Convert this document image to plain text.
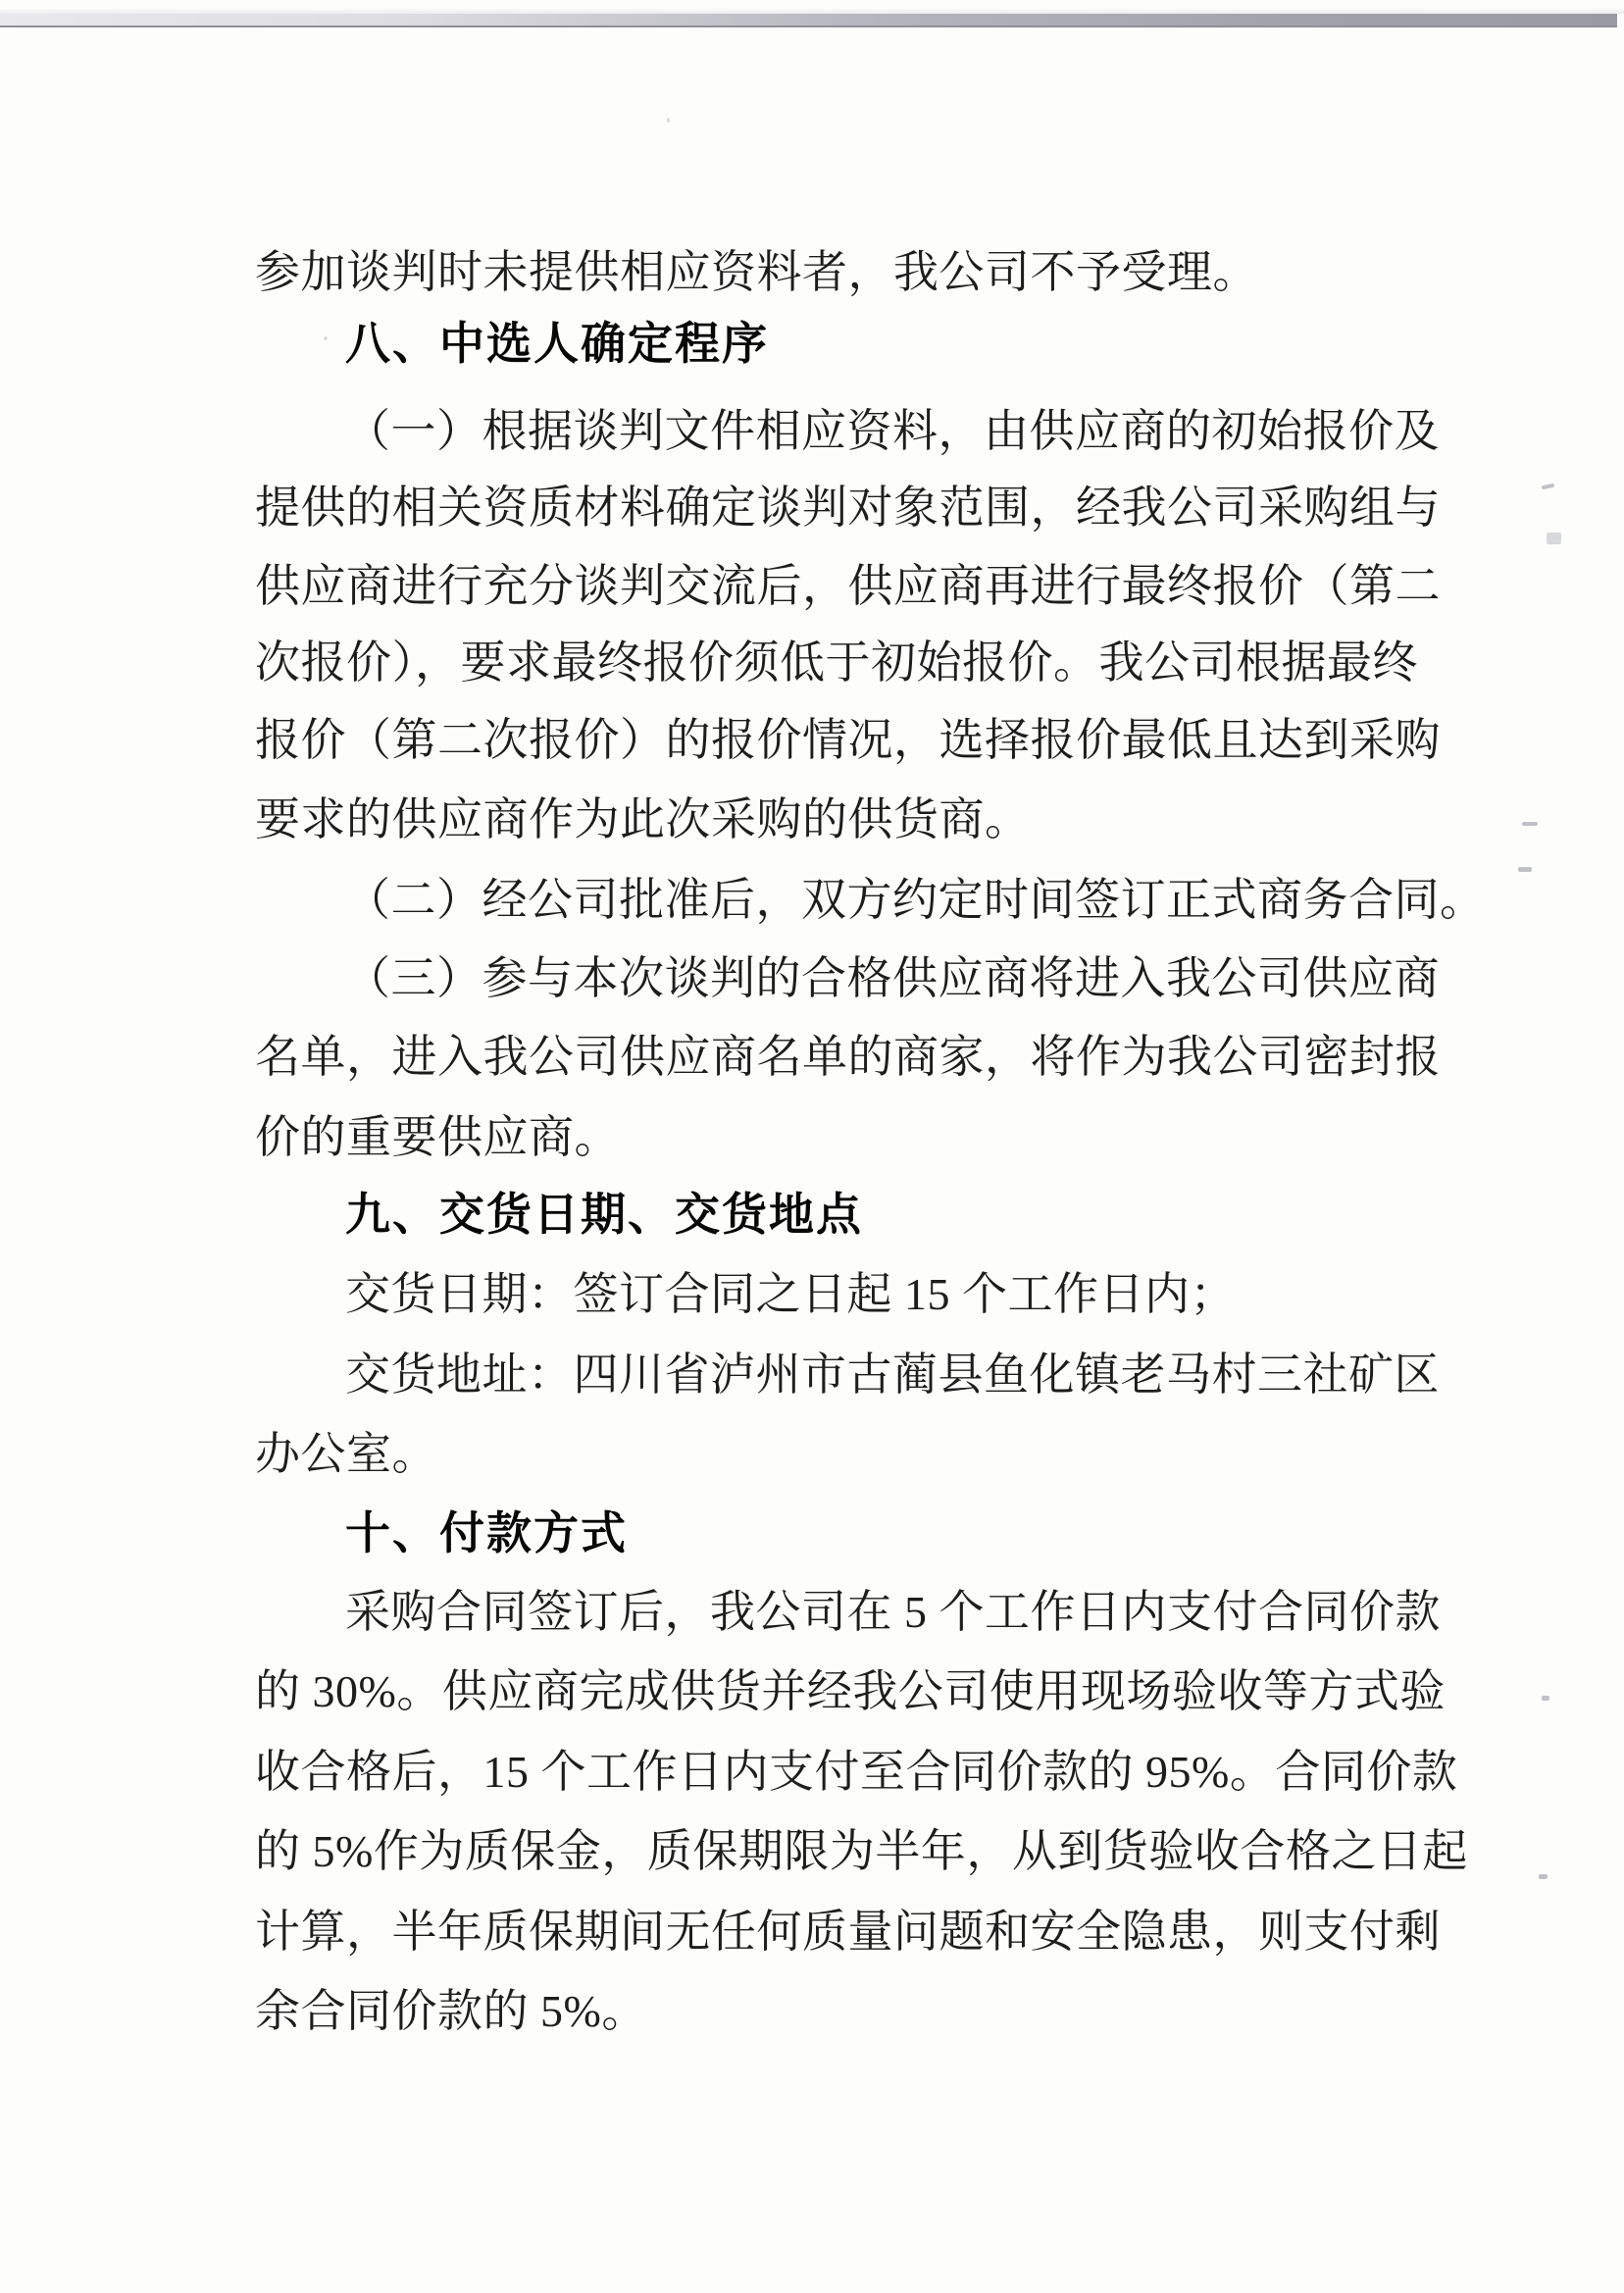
参加谈判时未提供相应资料者，我公司不予受理。
八、中选人确定程序
（一）根据谈判文件相应资料，由供应商的初始报价及
提供的相关资质材料确定谈判对象范围，经我公司采购组与
供应商进行充分谈判交流后，供应商再进行最终报价（第二
次报价），要求最终报价须低于初始报价。我公司根据最终
报价（第二次报价）的报价情况，选择报价最低且达到采购
要求的供应商作为此次采购的供货商。
（二）经公司批准后，双方约定时间签订正式商务合同。
（三）参与本次谈判的合格供应商将进入我公司供应商
名单，进入我公司供应商名单的商家，将作为我公司密封报
价的重要供应商。
九、交货日期、交货地点
交货日期：签订合同之日起 15 个工作日内；
交货地址：四川省泸州市古蔺县鱼化镇老马村三社矿区
办公室。
十、付款方式
采购合同签订后，我公司在 5 个工作日内支付合同价款
的 30%。供应商完成供货并经我公司使用现场验收等方式验
收合格后，15 个工作日内支付至合同价款的 95%。合同价款
的 5%作为质保金，质保期限为半年，从到货验收合格之日起
计算，半年质保期间无任何质量问题和安全隐患，则支付剩
余合同价款的 5%。
